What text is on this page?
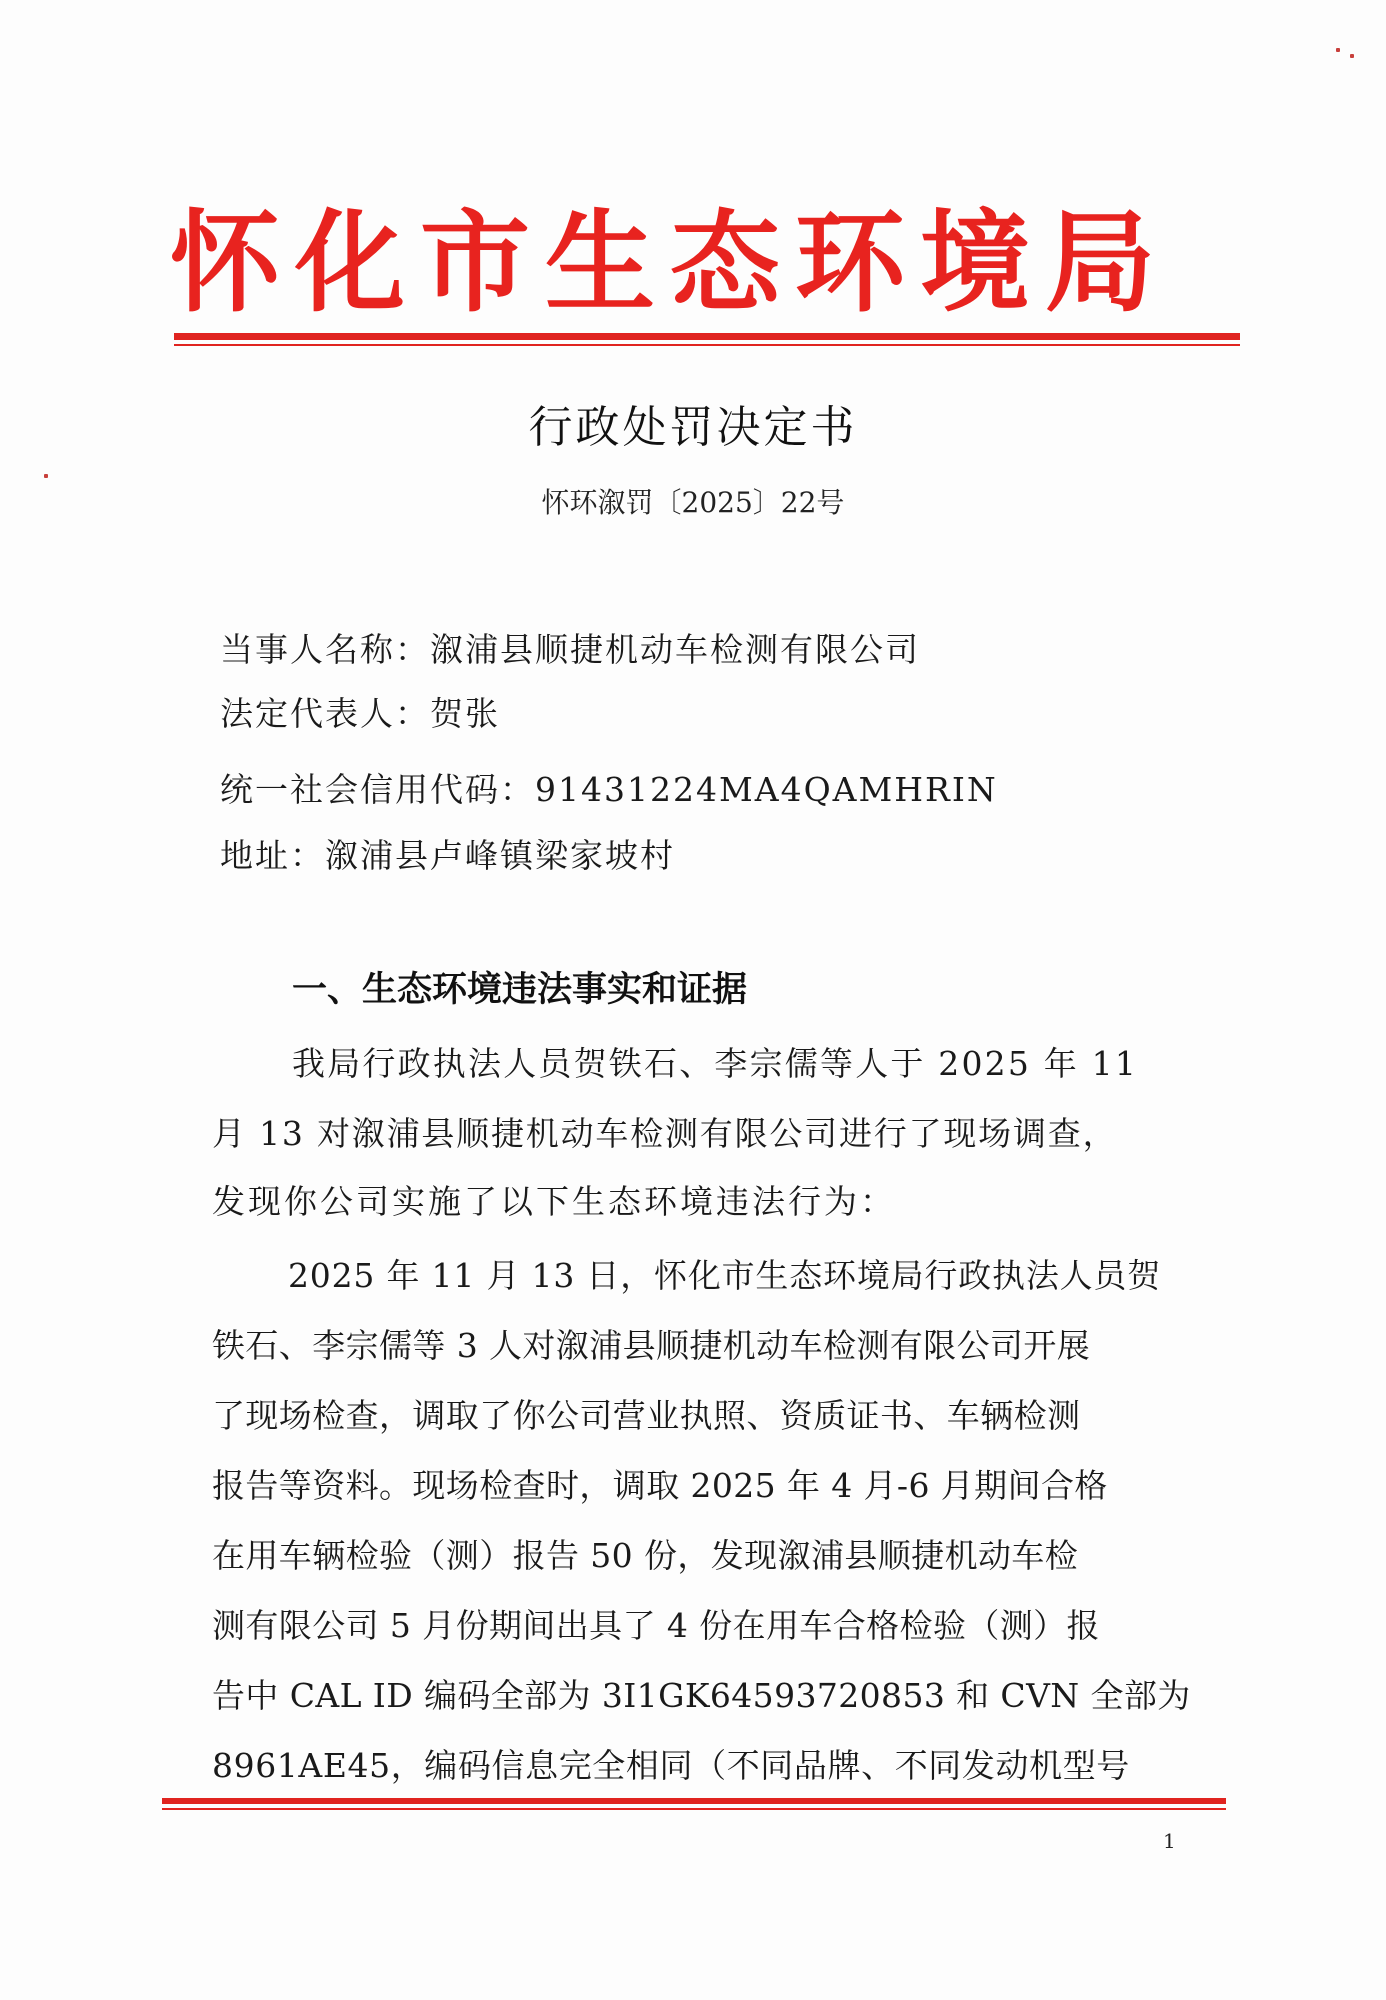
怀化市生态环境局
行政处罚决定书
怀环溆罚〔2025〕22号
当事人名称：溆浦县顺捷机动车检测有限公司
法定代表人：贺张
统一社会信用代码：91431224MA4QAMHRIN
地址：溆浦县卢峰镇梁家坡村
一、生态环境违法事实和证据
我局行政执法人员贺铁石、李宗儒等人于 2025 年 11
月 13 对溆浦县顺捷机动车检测有限公司进行了现场调查，
发现你公司实施了以下生态环境违法行为：
2025 年 11 月 13 日，怀化市生态环境局行政执法人员贺
铁石、李宗儒等 3 人对溆浦县顺捷机动车检测有限公司开展
了现场检查，调取了你公司营业执照、资质证书、车辆检测
报告等资料。现场检查时，调取 2025 年 4 月-6 月期间合格
在用车辆检验（测）报告 50 份，发现溆浦县顺捷机动车检
测有限公司 5 月份期间出具了 4 份在用车合格检验（测）报
告中 CAL ID 编码全部为 3I1GK64593720853 和 CVN 全部为
8961AE45，编码信息完全相同（不同品牌、不同发动机型号
1
